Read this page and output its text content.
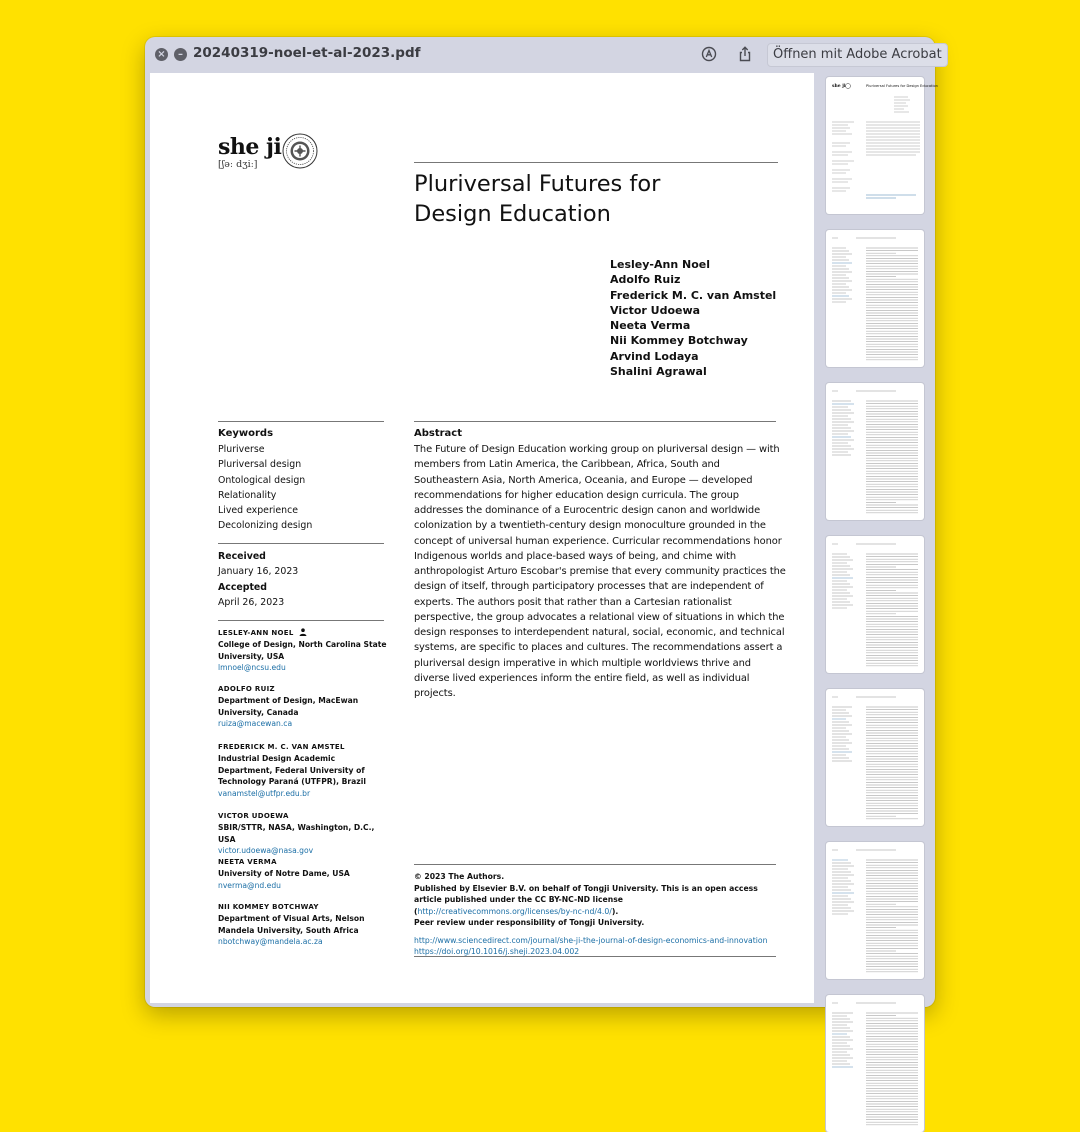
×	– 20240319-noel-et-al-2023.pdf	Öffnen mit Adobe Acrobat
she ji
[ʃəː dʒiː]
Pluriversal Futures for Design Education
Lesley-Ann Noel
Adolfo Ruiz
Frederick M. C. van Amstel
Victor Udoewa
Neeta Verma
Nii Kommey Botchway
Arvind Lodaya
Shalini Agrawal
Keywords	Abstract
Pluriverse
Pluriversal design
Ontological design
Relationality
Lived experience
Decolonizing design
The Future of Design Education working group on pluriversal design — with members from Latin America, the Caribbean, Africa, South and Southeastern Asia, North America, Oceania, and Europe — developed recommendations for higher education design curricula. The group addresses the dominance of a Eurocentric design canon and worldwide colonization by a twentieth-century design monoculture grounded in the concept of universal human experience. Curricular recommendations honor Indigenous worlds and place-based ways of being, and chime with anthropologist Arturo Escobar's premise that every community practices the design of itself, through participatory processes that are independent of experts. The authors posit that rather than a Cartesian rationalist perspective, the group advocates a relational view of situations in which the design responses to interdependent natural, social, economic, and technical systems, are specific to places and cultures. The recommendations assert a pluriversal design imperative in which multiple worldviews thrive and diverse lived experiences inform the entire field, as well as individual projects.
Received
January 16, 2023
Accepted
April 26, 2023
LESLEY-ANN NOEL
College of Design, North Carolina State University, USA
lmnoel@ncsu.edu
ADOLFO RUIZ
Department of Design, MacEwan University, Canada
ruiza@macewan.ca
FREDERICK M. C. VAN AMSTEL
Industrial Design Academic Department, Federal University of Technology Paraná (UTFPR), Brazil
vanamstel@utfpr.edu.br
VICTOR UDOEWA
SBIR/STTR, NASA, Washington, D.C., USA
victor.udoewa@nasa.gov
NEETA VERMA
University of Notre Dame, USA
nverma@nd.edu
NII KOMMEY BOTCHWAY
Department of Visual Arts, Nelson Mandela University, South Africa
nbotchway@mandela.ac.za
© 2023 The Authors.
Published by Elsevier B.V. on behalf of Tongji University. This is an open access article published under the CC BY-NC-ND license (http://creativecommons.org/licenses/by-nc-nd/4.0/).
Peer review under responsibility of Tongji University.
http://www.sciencedirect.com/journal/she-ji-the-journal-of-design-economics-and-innovation
https://doi.org/10.1016/j.sheji.2023.04.002
she ji	Pluriversal Futures for Design Education
